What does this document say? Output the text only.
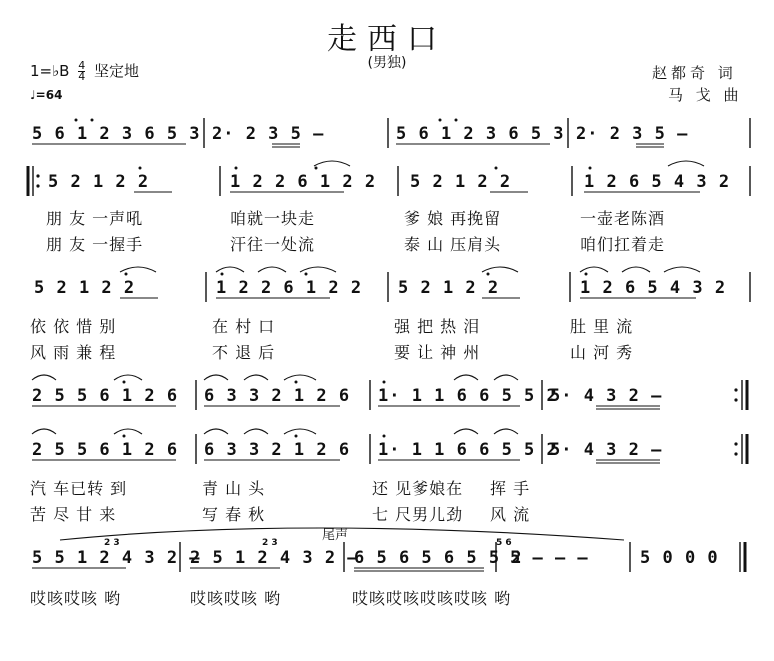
走西口
(男独)
1=♭B $\frac{4}{4}$ 坚定地
♩=64
赵都奇 词
马 戈 曲
5 6 1 2 3 6 5 3 2· 2 3 5 –	5 6 1 2 3 6 5 3 2· 2 3 5 –
5 2 1 2 2	1 2 2 6 1 2 2 5 2 1 2 2	1 2 6 5 4 3 2
朋 友 一声吼	咱就一块走	爹 娘 再挽留	一壶老陈酒
朋 友 一握手	汗往一处流	泰 山 压肩头	咱们扛着走
5 2 1 2 2	1 2 2 6 1 2 2 5 2 1 2 2	1 2 6 5 4 3 2
依 依 惜 别	在 村 口	强 把 热 泪	肚 里 流
风 雨 兼 程	不 退 后	要 让 神 州	山 河 秀
2 5 5 6 1 2 6 6 3 3 2 1 2 6 1· 1 1 6 6 5 5 2
5· 4 3 2 –
2 5 5 6 1 2 6 6 3 3 2 1 2 6 1· 1 1 6 6 5 5 2
5· 4 3 2 –
汽 车已转 到	青 山 头	还 见爹娘在 挥 手
苦 尽 甘 来	写 春 秋	七 尺男儿劲 风 流
尾声
2 3	2 3	5 6
5 5 1 2 4 3 2 –
2 5 1 2 4 3 2 –
6 5 6 5 6 5 5 2
5 – – –	5 0 0 0
哎咳哎咳 哟	哎咳哎咳 哟	哎咳哎咳哎咳哎咳 哟
